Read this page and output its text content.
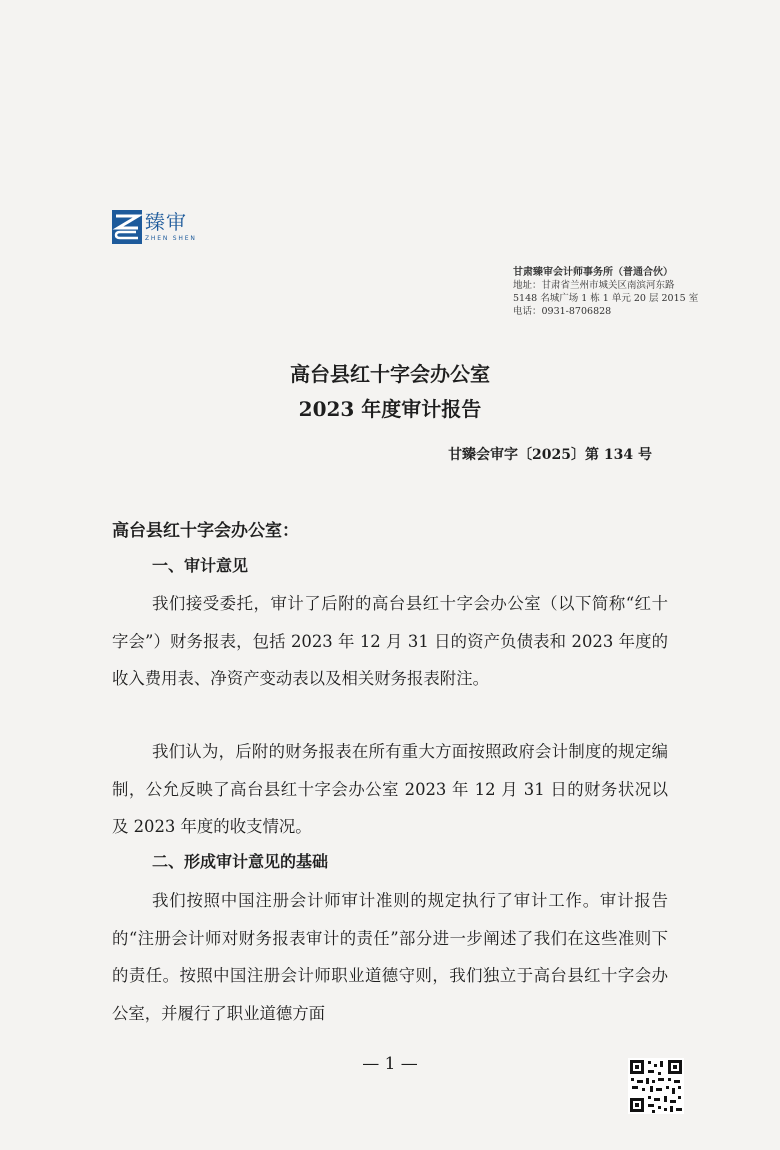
臻审
ZHEN SHEN
甘肃臻审会计师事务所（普通合伙）
地址：甘肃省兰州市城关区南滨河东路
5148 名城广场 1 栋 1 单元 20 层 2015 室
电话：0931-8706828
高台县红十字会办公室
2023 年度审计报告
甘臻会审字〔2025〕第 134 号
高台县红十字会办公室：
一、审计意见
我们接受委托，审计了后附的高台县红十字会办公室（以下简称“红十字会”）财务报表，包括 2023 年 12 月 31 日的资产负债表和 2023 年度的收入费用表、净资产变动表以及相关财务报表附注。
我们认为，后附的财务报表在所有重大方面按照政府会计制度的规定编制，公允反映了高台县红十字会办公室 2023 年 12 月 31 日的财务状况以及 2023 年度的收支情况。
二、形成审计意见的基础
我们按照中国注册会计师审计准则的规定执行了审计工作。审计报告的“注册会计师对财务报表审计的责任”部分进一步阐述了我们在这些准则下的责任。按照中国注册会计师职业道德守则，我们独立于高台县红十字会办公室，并履行了职业道德方面
— 1 —
